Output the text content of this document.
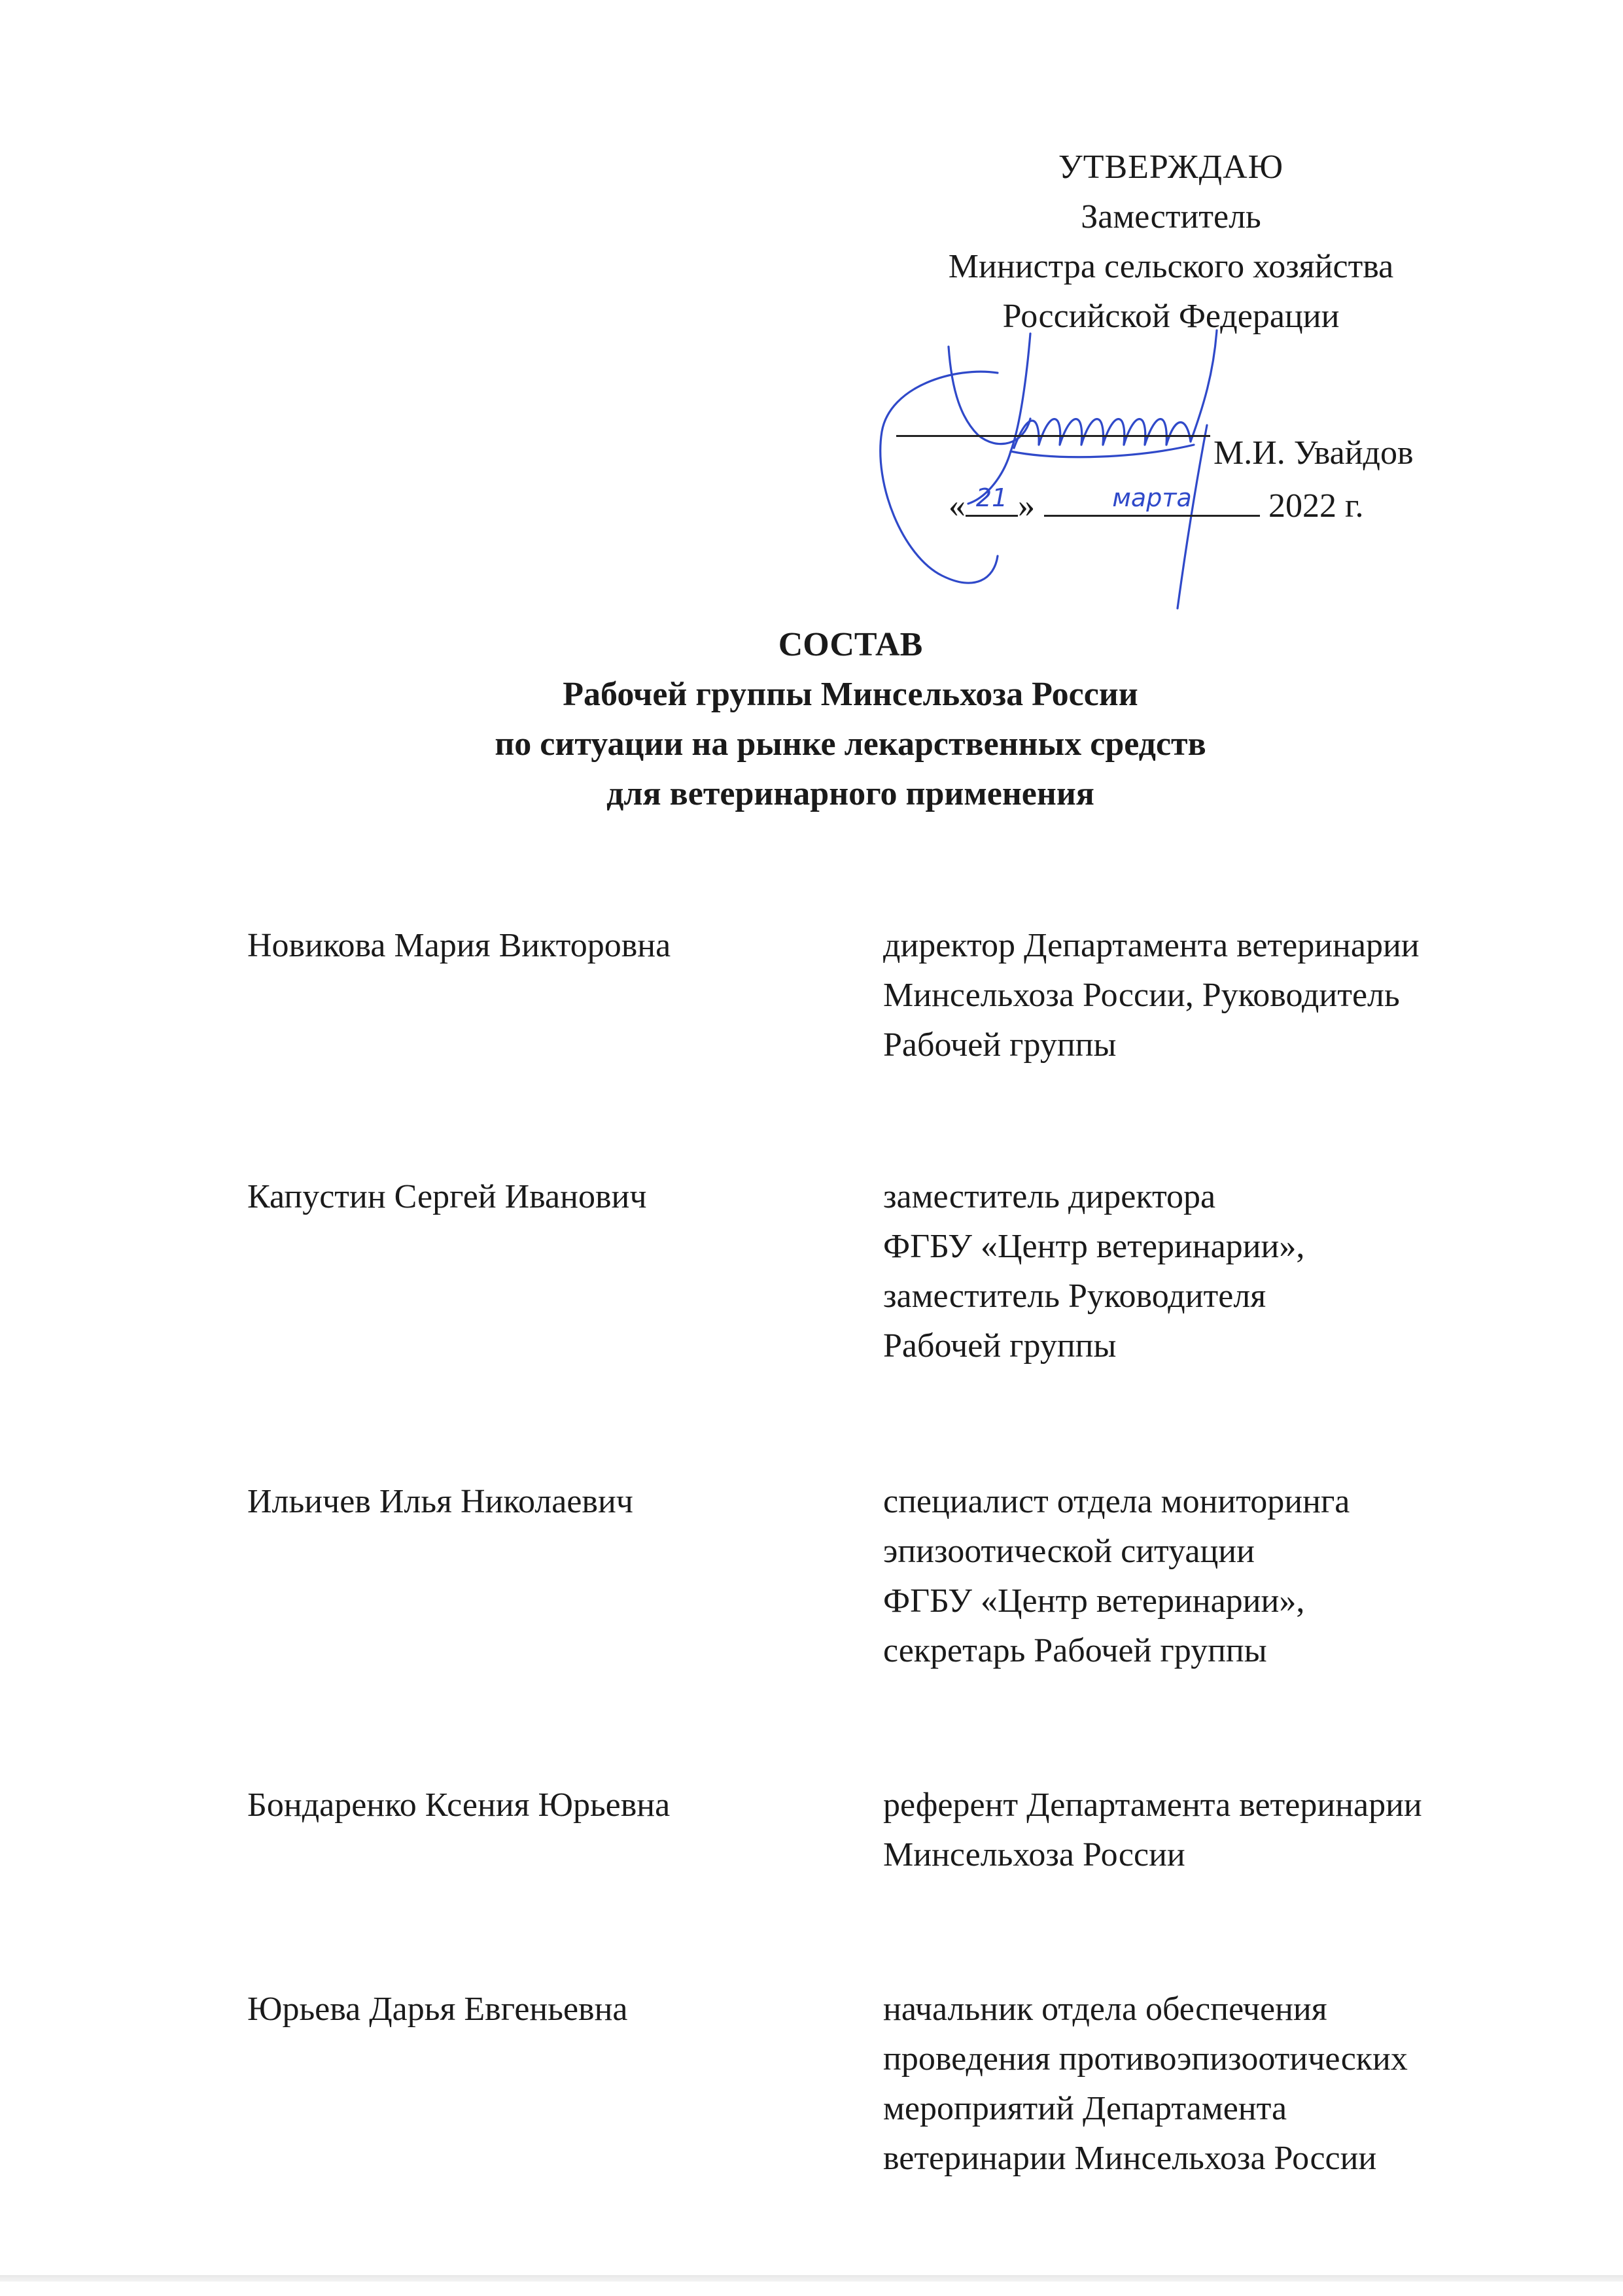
УТВЕРЖДАЮ
Заместитель
Министра сельского хозяйства
Российской Федерации
М.И. Увайдов
« 21 »	марта	2022 г.
СОСТАВ
Рабочей группы Минсельхоза России
по ситуации на рынке лекарственных средств
для ветеринарного применения
Новикова Мария Викторовна	директор Департамента ветеринарии
Минсельхоза России, Руководитель
Рабочей группы
Капустин Сергей Иванович	заместитель директора
ФГБУ «Центр ветеринарии»,
заместитель Руководителя
Рабочей группы
Ильичев Илья Николаевич	специалист отдела мониторинга
эпизоотической ситуации
ФГБУ «Центр ветеринарии»,
секретарь Рабочей группы
Бондаренко Ксения Юрьевна	референт Департамента ветеринарии
Минсельхоза России
Юрьева Дарья Евгеньевна	начальник отдела обеспечения
проведения противоэпизоотических
мероприятий Департамента
ветеринарии Минсельхоза России
